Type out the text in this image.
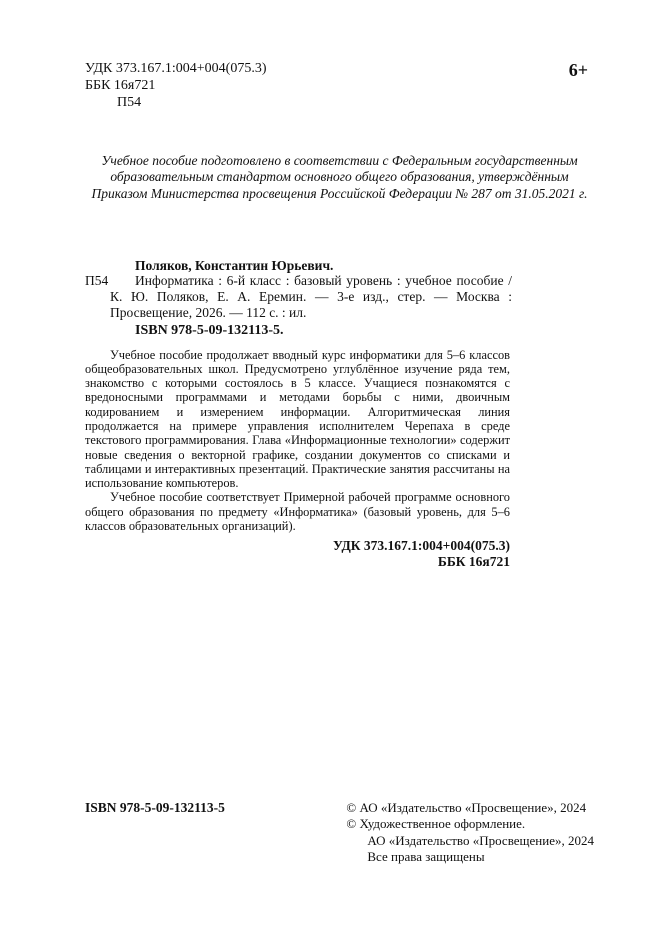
УДК 373.167.1:004+004(075.3)
ББК 16я721
П54
6+

Учебное пособие подготовлено в соответствии с Федеральным государственным образовательным стандартом основного общего образования, утверждённым Приказом Министерства просвещения Российской Федерации № 287 от 31.05.2021 г.

Поляков, Константин Юрьевич.

П54 Информатика : 6-й класс : базовый уровень : учебное пособие / К. Ю. Поляков, Е. А. Еремин. — 3-е изд., стер. — Москва : Просвещение, 2026. — 112 с. : ил.

ISBN 978-5-09-132113-5.

Учебное пособие продолжает вводный курс информатики для 5–6 классов общеобразовательных школ. Предусмотрено углублённое изучение ряда тем, знакомство с которыми состоялось в 5 классе. Учащиеся познакомятся с вредоносными программами и методами борьбы с ними, двоичным кодированием и измерением информации. Алгоритмическая линия продолжается на примере управления исполнителем Черепаха в среде текстового программирования. Глава «Информационные технологии» содержит новые сведения о векторной графике, создании документов со списками и таблицами и интерактивных презентаций. Практические занятия рассчитаны на использование компьютеров.

Учебное пособие соответствует Примерной рабочей программе основного общего образования по предмету «Информатика» (базовый уровень, для 5–6 классов образовательных организаций).

УДК 373.167.1:004+004(075.3)
ББК 16я721
ISBN 978-5-09-132113-5	© АО «Издательство «Просвещение», 2024
© Художественное оформление.
АО «Издательство «Просвещение», 2024
Все права защищены
